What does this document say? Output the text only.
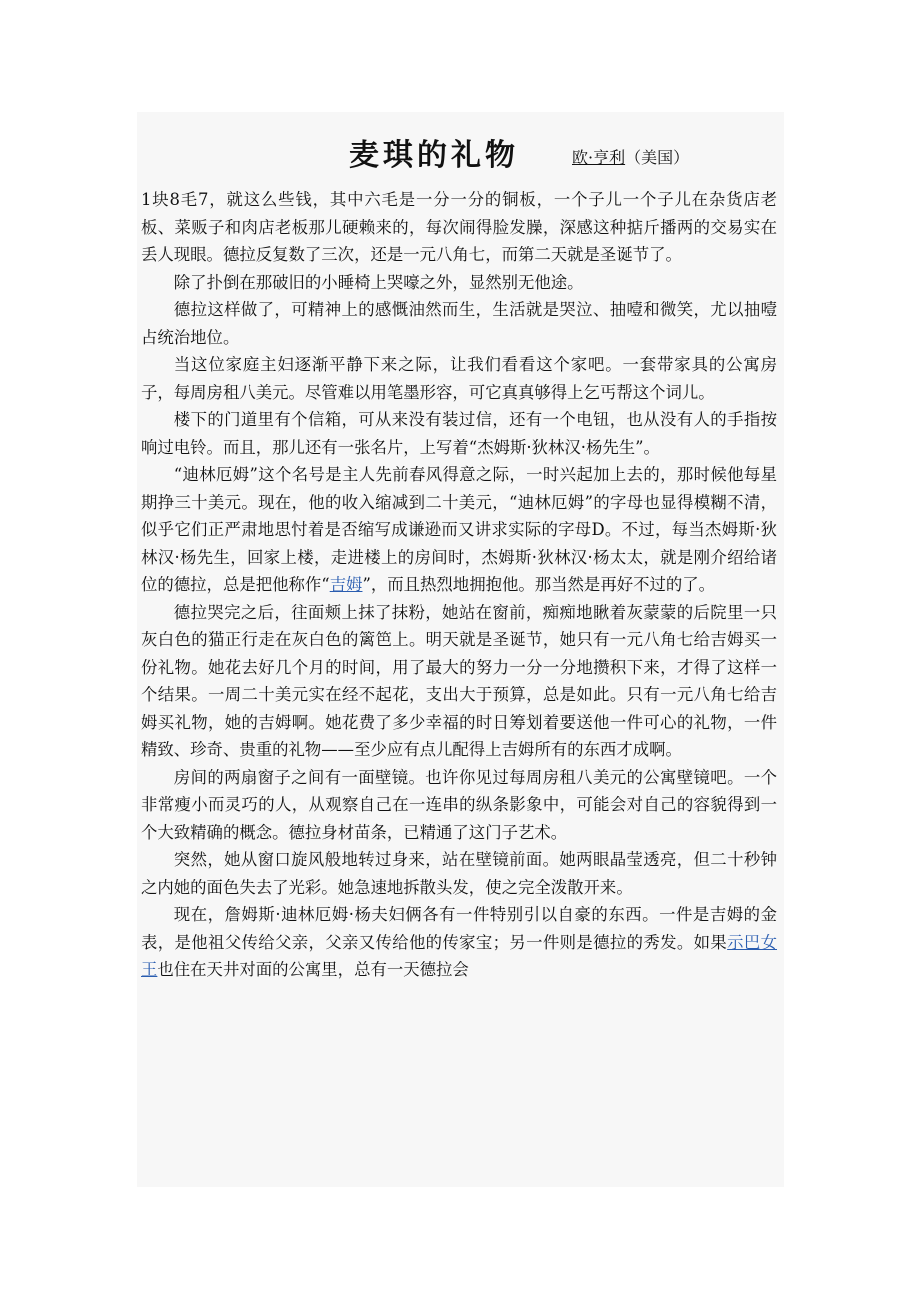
麦琪的礼物	欧·亨利（美国）

1块8毛7，就这么些钱，其中六毛是一分一分的铜板，一个子儿一个子儿在杂货店老板、菜贩子和肉店老板那儿硬赖来的，每次闹得脸发臊，深感这种掂斤播两的交易实在丢人现眼。德拉反复数了三次，还是一元八角七，而第二天就是圣诞节了。

除了扑倒在那破旧的小睡椅上哭嚎之外，显然别无他途。

德拉这样做了，可精神上的感慨油然而生，生活就是哭泣、抽噎和微笑，尤以抽噎占统治地位。

当这位家庭主妇逐渐平静下来之际，让我们看看这个家吧。一套带家具的公寓房子，每周房租八美元。尽管难以用笔墨形容，可它真真够得上乞丐帮这个词儿。

楼下的门道里有个信箱，可从来没有装过信，还有一个电钮，也从没有人的手指按响过电铃。而且，那儿还有一张名片，上写着“杰姆斯·狄林汉·杨先生”。

“迪林厄姆”这个名号是主人先前春风得意之际，一时兴起加上去的，那时候他每星期挣三十美元。现在，他的收入缩减到二十美元，“迪林厄姆”的字母也显得模糊不清，似乎它们正严肃地思忖着是否缩写成谦逊而又讲求实际的字母D。不过，每当杰姆斯·狄林汉·杨先生，回家上楼，走进楼上的房间时，杰姆斯·狄林汉·杨太太，就是刚介绍给诸位的德拉，总是把他称作“吉姆”，而且热烈地拥抱他。那当然是再好不过的了。

德拉哭完之后，往面颊上抹了抹粉，她站在窗前，痴痴地瞅着灰蒙蒙的后院里一只灰白色的猫正行走在灰白色的篱笆上。明天就是圣诞节，她只有一元八角七给吉姆买一份礼物。她花去好几个月的时间，用了最大的努力一分一分地攒积下来，才得了这样一个结果。一周二十美元实在经不起花，支出大于预算，总是如此。只有一元八角七给吉姆买礼物，她的吉姆啊。她花费了多少幸福的时日筹划着要送他一件可心的礼物，一件精致、珍奇、贵重的礼物——至少应有点儿配得上吉姆所有的东西才成啊。

房间的两扇窗子之间有一面壁镜。也许你见过每周房租八美元的公寓壁镜吧。一个非常瘦小而灵巧的人，从观察自己在一连串的纵条影象中，可能会对自己的容貌得到一个大致精确的概念。德拉身材苗条，已精通了这门子艺术。

突然，她从窗口旋风般地转过身来，站在壁镜前面。她两眼晶莹透亮，但二十秒钟之内她的面色失去了光彩。她急速地拆散头发，使之完全泼散开来。

现在，詹姆斯·迪林厄姆·杨夫妇俩各有一件特别引以自豪的东西。一件是吉姆的金表，是他祖父传给父亲，父亲又传给他的传家宝；另一件则是德拉的秀发。如果示巴女王也住在天井对面的公寓里，总有一天德拉会
